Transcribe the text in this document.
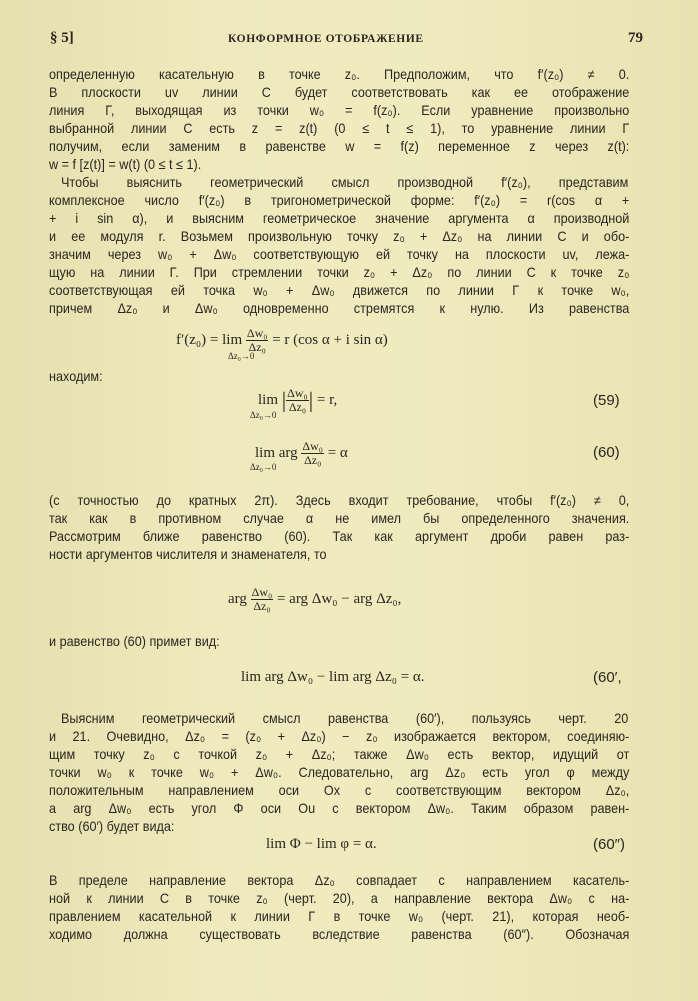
§ 5]	КОНФОРМНОЕ ОТОБРАЖЕНИЕ	79
определенную касательную в точке z₀. Предположим, что f′(z₀) ≠ 0.
В плоскости uv линии C будет соответствовать как ее отображение
линия Γ, выходящая из точки w₀ = f(z₀). Если уравнение произвольно
выбранной линии C есть z = z(t) (0 ≤ t ≤ 1), то уравнение линии Γ
получим, если заменим в равенстве w = f(z) переменное z через z(t):
w = f [z(t)] = w(t) (0 ≤ t ≤ 1).
Чтобы выяснить геометрический смысл производной f′(z₀), представим
комплексное число f′(z₀) в тригонометрической форме: f′(z₀) = r(cos α +
+ i sin α), и выясним геометрическое значение аргумента α производной
и ее модуля r. Возьмем произвольную точку z₀ + Δz₀ на линии C и обо-
значим через w₀ + Δw₀ соответствующую ей точку на плоскости uv, лежа-
щую на линии Γ. При стремлении точки z₀ + Δz₀ по линии C к точке z₀
соответствующая ей точка w₀ + Δw₀ движется по линии Γ к точке w₀,
причем Δz₀ и Δw₀ одновременно стремятся к нулю. Из равенства
$f'(z_0) = \lim \frac{\text{Δw₀}}{\text{Δz₀}} = r$ (cos α + i sin α)
Δz₀→0
находим:
lim | $\frac{\text{Δw₀}}{\text{Δz₀}}$ | = r,
Δz₀→0
(59)
lim arg $\frac{\text{Δw₀}}{\text{Δz₀}} = \alpha$
Δz₀→0
(60)
(с точностью до кратных 2π). Здесь входит требование, чтобы f′(z₀) ≠ 0,
так как в противном случае α не имел бы определенного значения.
Рассмотрим ближе равенство (60). Так как аргумент дроби равен раз-
ности аргументов числителя и знаменателя, то
arg $\frac{\text{Δw₀}}{\text{Δz₀}}$ = arg Δw₀ − arg Δz₀,
и равенство (60) примет вид:
lim arg Δw₀ − lim arg Δz₀ = α.	(60′,
Выясним геометрический смысл равенства (60′), пользуясь черт. 20
и 21. Очевидно, Δz₀ = (z₀ + Δz₀) − z₀ изображается вектором, соединяю-
щим точку z₀ с точкой z₀ + Δz₀; также Δw₀ есть вектор, идущий от
точки w₀ к точке w₀ + Δw₀. Следовательно, arg Δz₀ есть угол φ между
положительным направлением оси Ox с соответствующим вектором Δz₀,
а arg Δw₀ есть угол Φ оси Ou с вектором Δw₀. Таким образом равен-
ство (60′) будет вида:
lim Φ − lim φ = α.	(60″)
В пределе направление вектора Δz₀ совпадает с направлением касатель-
ной к линии C в точке z₀ (черт. 20), а направление вектора Δw₀ с на-
правлением касательной к линии Γ в точке w₀ (черт. 21), которая необ-
ходимо должна существовать вследствие равенства (60″). Обозначая
